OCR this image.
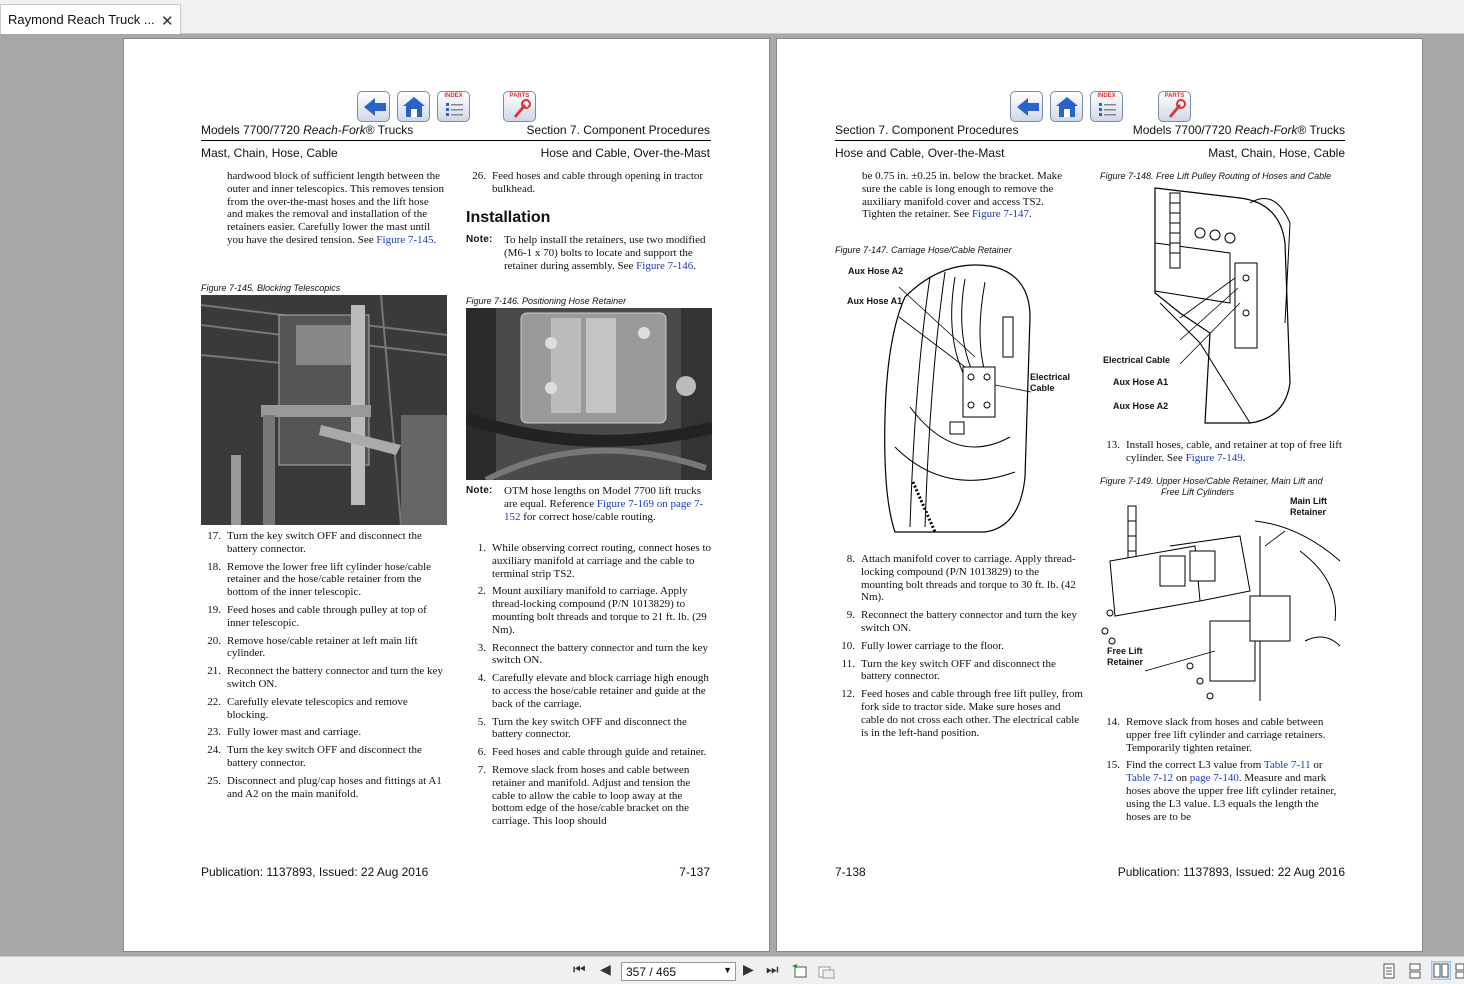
Raymond Reach Truck ... ✕
INDEX	PARTS
Models 7700/7720 Reach-Fork® Trucks	Section 7. Component Procedures
Mast, Chain, Hose, Cable	Hose and Cable, Over-the-Mast
hardwood block of sufficient length between the outer and inner telescopics. This removes tension from the over-the-mast hoses and the lift hose and makes the removal and installation of the retainers easier. Carefully lower the mast until you have the desired tension. See Figure 7-145.
Figure 7-145. Blocking Telescopics
17. Turn the key switch OFF and disconnect the battery connector.
18. Remove the lower free lift cylinder hose/cable retainer and the hose/cable retainer from the bottom of the inner telescopic.
19. Feed hoses and cable through pulley at top of inner telescopic.
20. Remove hose/cable retainer at left main lift cylinder.
21. Reconnect the battery connector and turn the key switch ON.
22. Carefully elevate telescopics and remove blocking.
23. Fully lower mast and carriage.
24. Turn the key switch OFF and disconnect the battery connector.
25. Disconnect and plug/cap hoses and fittings at A1 and A2 on the main manifold.
26. Feed hoses and cable through opening in tractor bulkhead.
Installation
Note: To help install the retainers, use two modified (M6-1 x 70) bolts to locate and support the retainer during assembly. See Figure 7-146.
Figure 7-146. Positioning Hose Retainer
Note: OTM hose lengths on Model 7700 lift trucks are equal. Reference Figure 7-169 on page 7-152 for correct hose/cable routing.
1. While observing correct routing, connect hoses to auxiliary manifold at carriage and the cable to terminal strip TS2.
2. Mount auxiliary manifold to carriage. Apply thread-locking compound (P/N 1013829) to mounting bolt threads and torque to 21 ft. lb. (29 Nm).
3. Reconnect the battery connector and turn the key switch ON.
4. Carefully elevate and block carriage high enough to access the hose/cable retainer and guide at the back of the carriage.
5. Turn the key switch OFF and disconnect the battery connector.
6. Feed hoses and cable through guide and retainer.
7. Remove slack from hoses and cable between retainer and manifold. Adjust and tension the cable to allow the cable to loop away at the bottom edge of the hose/cable bracket on the carriage. This loop should
Publication: 1137893, Issued: 22 Aug 2016	7-137
INDEX	PARTS
Section 7. Component Procedures	Models 7700/7720 Reach-Fork® Trucks
Hose and Cable, Over-the-Mast	Mast, Chain, Hose, Cable
be 0.75 in. ±0.25 in. below the bracket. Make sure the cable is long enough to remove the auxiliary manifold cover and access TS2. Tighten the retainer. See Figure 7-147.
Figure 7-147. Carriage Hose/Cable Retainer
Aux Hose A2
Aux Hose A1
Electrical
Cable
8. Attach manifold cover to carriage. Apply thread-locking compound (P/N 1013829) to the mounting bolt threads and torque to 30 ft. lb. (42 Nm).
9. Reconnect the battery connector and turn the key switch ON.
10. Fully lower carriage to the floor.
11. Turn the key switch OFF and disconnect the battery connector.
12. Feed hoses and cable through free lift pulley, from fork side to tractor side. Make sure hoses and cable do not cross each other. The electrical cable is in the left-hand position.
Figure 7-148. Free Lift Pulley Routing of Hoses and Cable
Electrical Cable
Aux Hose A1
Aux Hose A2
13. Install hoses, cable, and retainer at top of free lift cylinder. See Figure 7-149.
Figure 7-149. Upper Hose/Cable Retainer, Main Lift and
Free Lift Cylinders
Main Lift
Retainer
Free Lift
Retainer
14. Remove slack from hoses and cable between upper free lift cylinder and carriage retainers. Temporarily tighten retainer.
15. Find the correct L3 value from Table 7-11 or Table 7-12 on page 7-140. Measure and mark hoses above the upper free lift cylinder retainer, using the L3 value. L3 equals the length the hoses are to be
7-138	Publication: 1137893, Issued: 22 Aug 2016
⏮ ◀	357 / 465	▼ ▶ ⏭
